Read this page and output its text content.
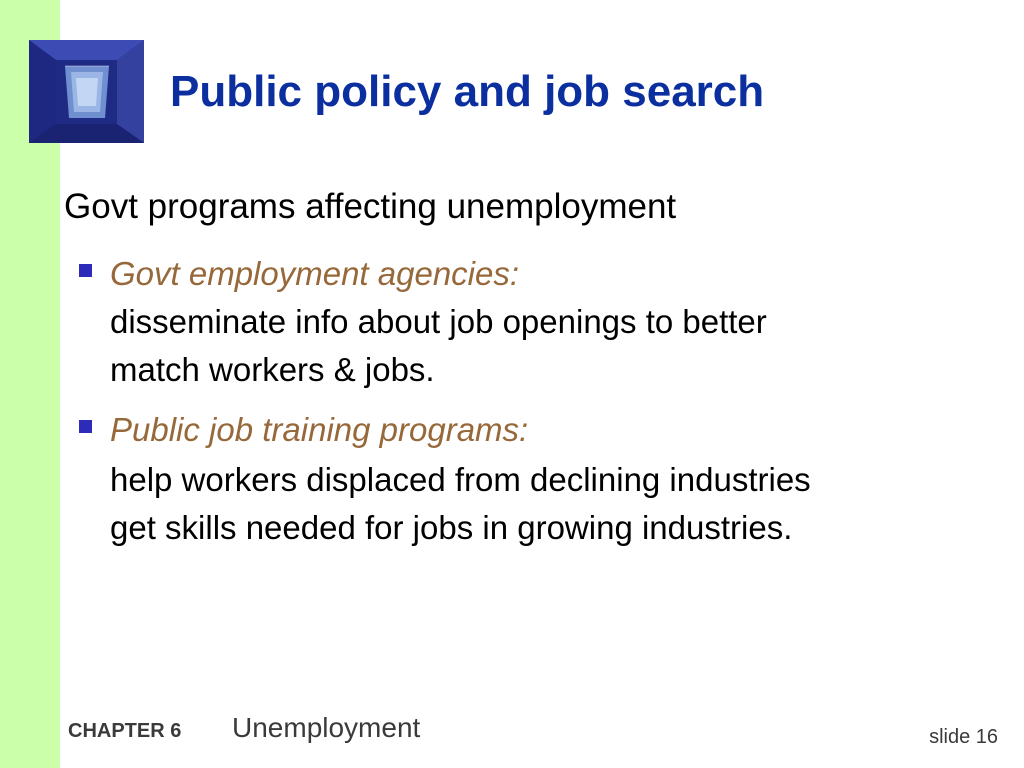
Public policy and job search
Govt programs affecting unemployment
Govt employment agencies:
disseminate info about job openings to better
match workers & jobs.
Public job training programs:
help workers displaced from declining industries
get skills needed for jobs in growing industries.
CHAPTER 6 Unemployment	slide 16
